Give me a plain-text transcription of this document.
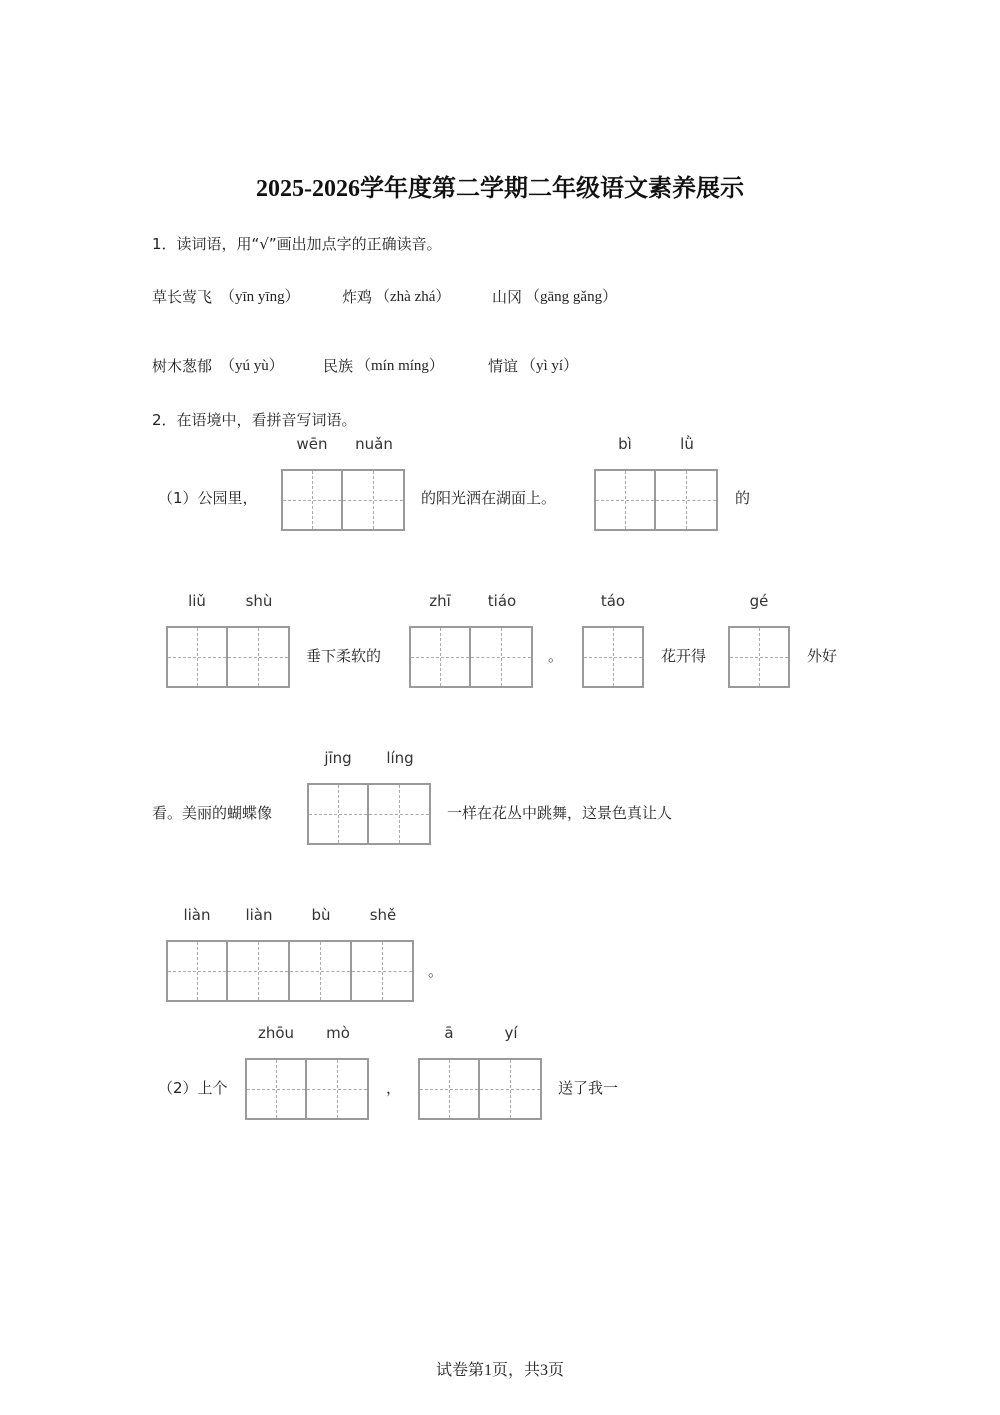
2025-2026学年度第二学期二年级语文素养展示
1．读词语，用“√”画出加点字的正确读音。
草长莺飞 （yīn yīng）	炸鸡 （zhà zhá）	山冈 （gāng gǎng）
树木葱郁 （yú yù）	民族 （mín míng）	情谊 （yì yí）
2．在语境中，看拼音写词语。
（1）公园里，
wēn	nuǎn
的阳光洒在湖面上。
bì	lǜ
的
liǔ	shù
垂下柔软的
zhī	tiáo
。
táo
花开得
gé
外好
看。美丽的蝴蝶像
jīng	líng
一样在花丛中跳舞，这景色真让人
liàn	liàn	bù	shě
。
（2）上个
zhōu	mò
，
ā	yí
送了我一
试卷第1页，共3页
